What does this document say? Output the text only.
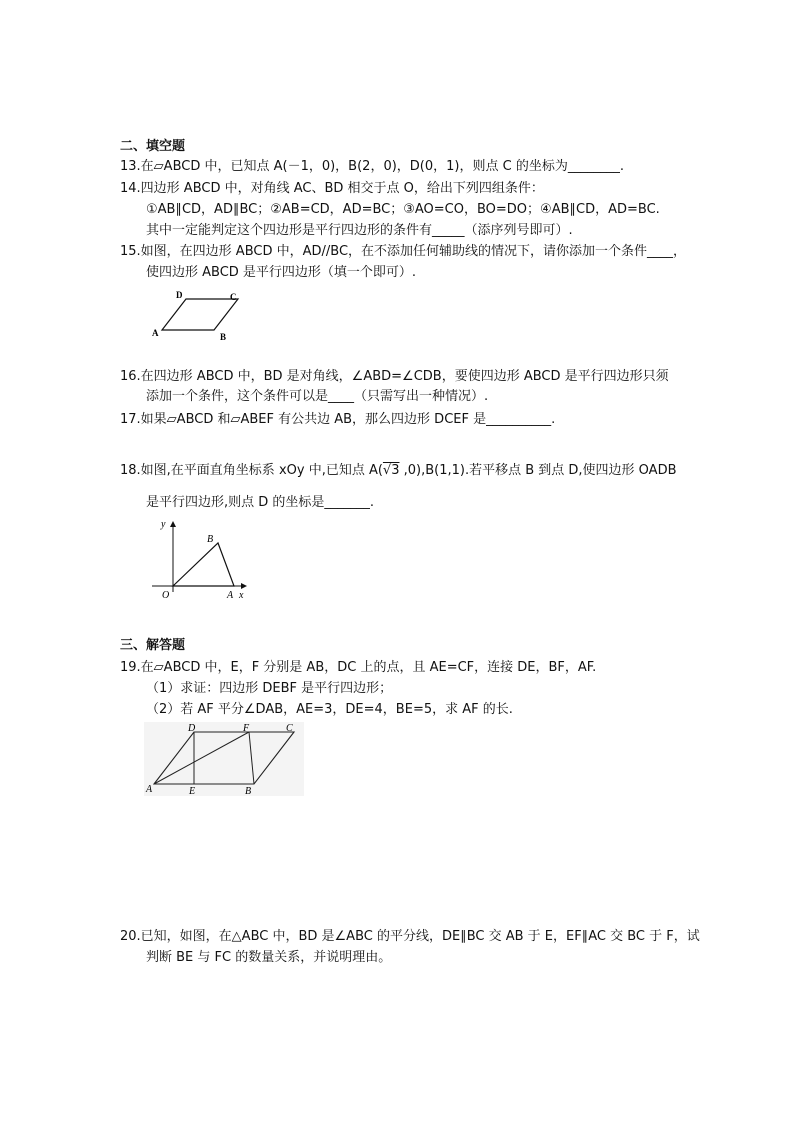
二、填空题
13.在▱ABCD 中，已知点 A(－1，0)，B(2，0)，D(0，1)，则点 C 的坐标为________.
14.四边形 ABCD 中，对角线 AC、BD 相交于点 O，给出下列四组条件：
①AB∥CD，AD∥BC；②AB=CD，AD=BC；③AO=CO，BO=DO；④AB∥CD，AD=BC.
其中一定能判定这个四边形是平行四边形的条件有_____（添序列号即可）.
15.如图，在四边形 ABCD 中，AD//BC，在不添加任何辅助线的情况下，请你添加一个条件____，
使四边形 ABCD 是平行四边形（填一个即可）.
D	C
A	B
16.在四边形 ABCD 中，BD 是对角线，∠ABD=∠CDB，要使四边形 ABCD 是平行四边形只须
添加一个条件，这个条件可以是____（只需写出一种情况）.
17.如果▱ABCD 和▱ABEF 有公共边 AB，那么四边形 DCEF 是__________.
18.如图,在平面直角坐标系 xOy 中,已知点 A(√3 ,0),B(1,1).若平移点 B 到点 D,使四边形 OADB
是平行四边形,则点 D 的坐标是_______.
y
x
O	A
B
三、解答题
19.在▱ABCD 中，E，F 分别是 AB，DC 上的点，且 AE=CF，连接 DE，BF，AF.
（1）求证：四边形 DEBF 是平行四边形；
（2）若 AF 平分∠DAB，AE=3，DE=4，BE=5，求 AF 的长.
A	E	B
D	F	C
20.已知，如图，在△ABC 中，BD 是∠ABC 的平分线，DE∥BC 交 AB 于 E，EF∥AC 交 BC 于 F，试
判断 BE 与 FC 的数量关系，并说明理由。
